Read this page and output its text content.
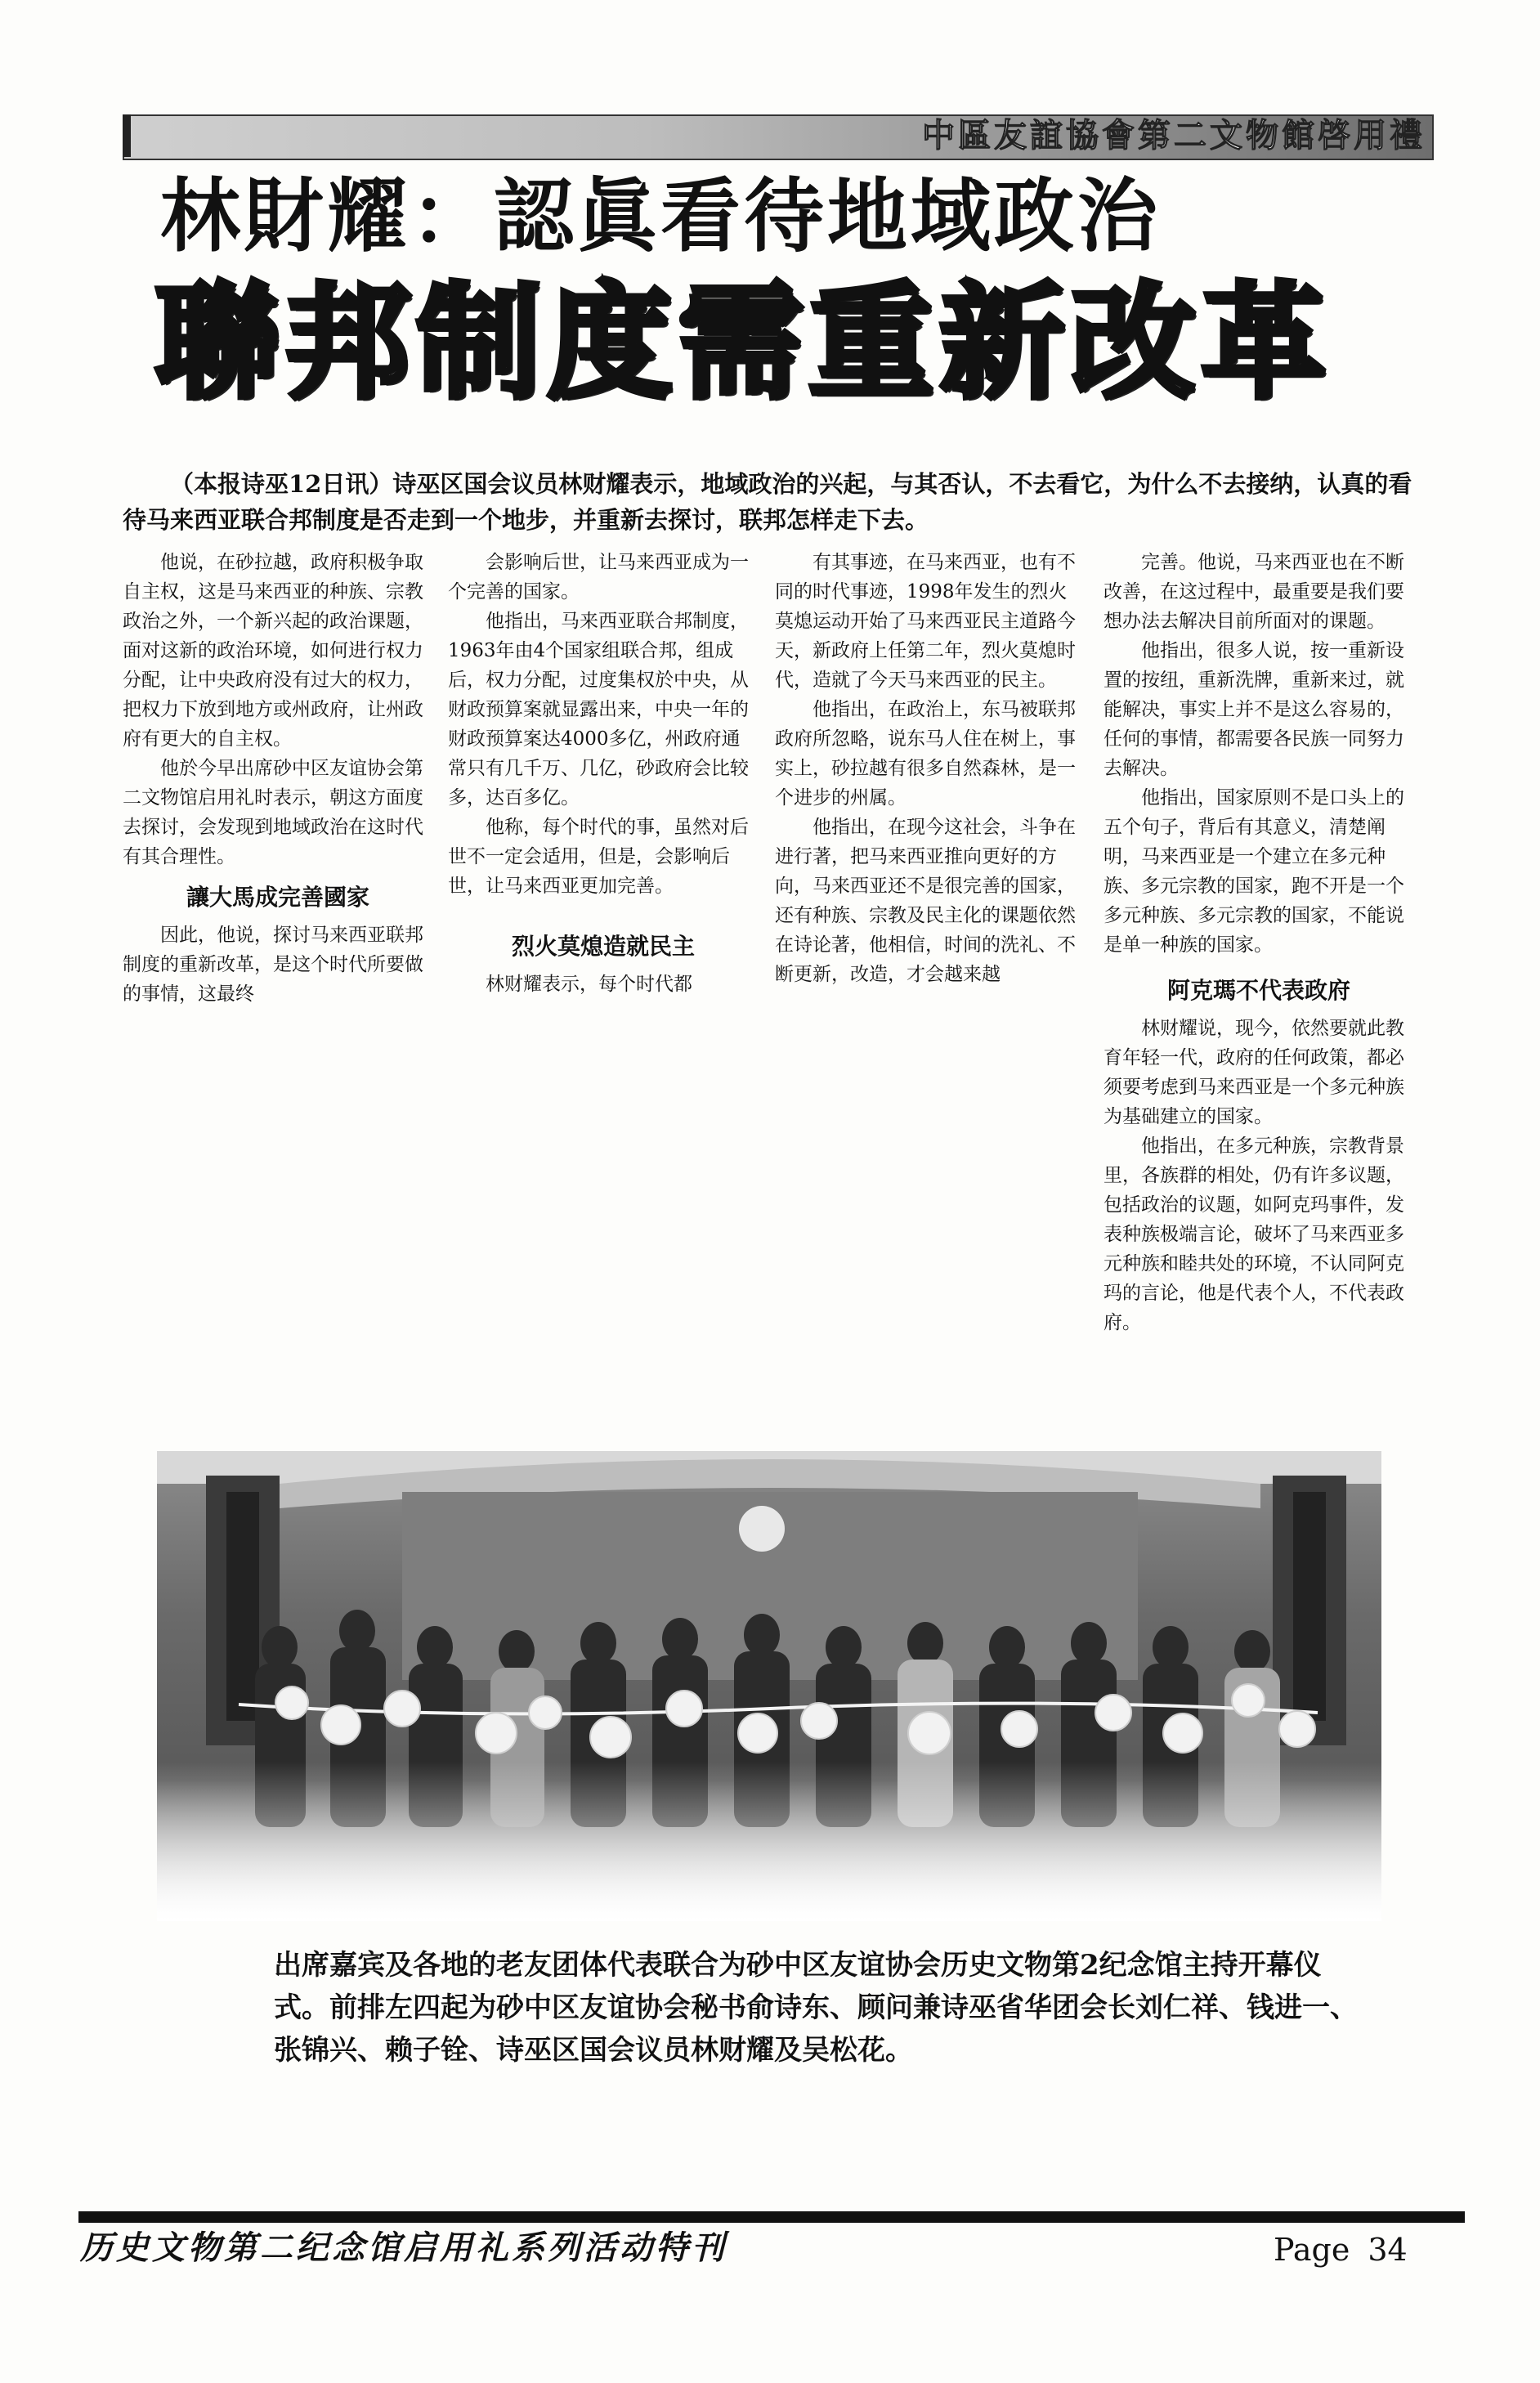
中區友誼協會第二文物館啓用禮
林財耀：認眞看待地域政治
聯邦制度需重新改革
（本报诗巫12日讯）诗巫区国会议员林财耀表示，地域政治的兴起，与其否认，不去看它，为什么不去接纳，认真的看待马来西亚联合邦制度是否走到一个地步，并重新去探讨，联邦怎样走下去。

他说，在砂拉越，政府积极争取自主权，这是马来西亚的种族、宗教政治之外，一个新兴起的政治课题，面对这新的政治环境，如何进行权力分配，让中央政府没有过大的权力，把权力下放到地方或州政府，让州政府有更大的自主权。

他於今早出席砂中区友谊协会第二文物馆启用礼时表示，朝这方面度去探讨，会发现到地域政治在这时代有其合理性。

讓大馬成完善國家

因此，他说，探讨马来西亚联邦制度的重新改革，是这个时代所要做的事情，这最终

会影响后世，让马来西亚成为一个完善的国家。

他指出，马来西亚联合邦制度，1963年由4个国家组联合邦，组成后，权力分配，过度集权於中央，从财政预算案就显露出来，中央一年的财政预算案达4000多亿，州政府通常只有几千万、几亿，砂政府会比较多，达百多亿。

他称，每个时代的事，虽然对后世不一定会适用，但是，会影响后世，让马来西亚更加完善。

烈火莫熄造就民主

林财耀表示，每个时代都

有其事迹，在马来西亚，也有不同的时代事迹，1998年发生的烈火莫熄运动开始了马来西亚民主道路今天，新政府上任第二年，烈火莫熄时代，造就了今天马来西亚的民主。

他指出，在政治上，东马被联邦政府所忽略，说东马人住在树上，事实上，砂拉越有很多自然森林，是一个进步的州属。

他指出，在现今这社会，斗争在进行著，把马来西亚推向更好的方向，马来西亚还不是很完善的国家，还有种族、宗教及民主化的课题依然在诗论著，他相信，时间的洗礼、不断更新，改造，才会越来越

完善。他说，马来西亚也在不断改善，在这过程中，最重要是我们要想办法去解决目前所面对的课题。

他指出，很多人说，按一重新设置的按纽，重新洗牌，重新来过，就能解决，事实上并不是这么容易的，任何的事情，都需要各民族一同努力去解决。

他指出，国家原则不是口头上的五个句子，背后有其意义，清楚阐明，马来西亚是一个建立在多元种族、多元宗教的国家，跑不开是一个多元种族、多元宗教的国家，不能说是单一种族的国家。

阿克瑪不代表政府

林财耀说，现今，依然要就此教育年轻一代，政府的任何政策，都必须要考虑到马来西亚是一个多元种族为基础建立的国家。

他指出，在多元种族，宗教背景里，各族群的相处，仍有许多议题，包括政治的议题，如阿克玛事件，发表种族极端言论，破坏了马来西亚多元种族和睦共处的环境，不认同阿克玛的言论，他是代表个人，不代表政府。

出席嘉宾及各地的老友团体代表联合为砂中区友谊协会历史文物第2纪念馆主持开幕仪式。前排左四起为砂中区友谊协会秘书俞诗东、顾问兼诗巫省华团会长刘仁祥、钱进一、张锦兴、赖子铨、诗巫区国会议员林财耀及吴松花。
历史文物第二纪念馆启用礼系列活动特刊	Page 34
